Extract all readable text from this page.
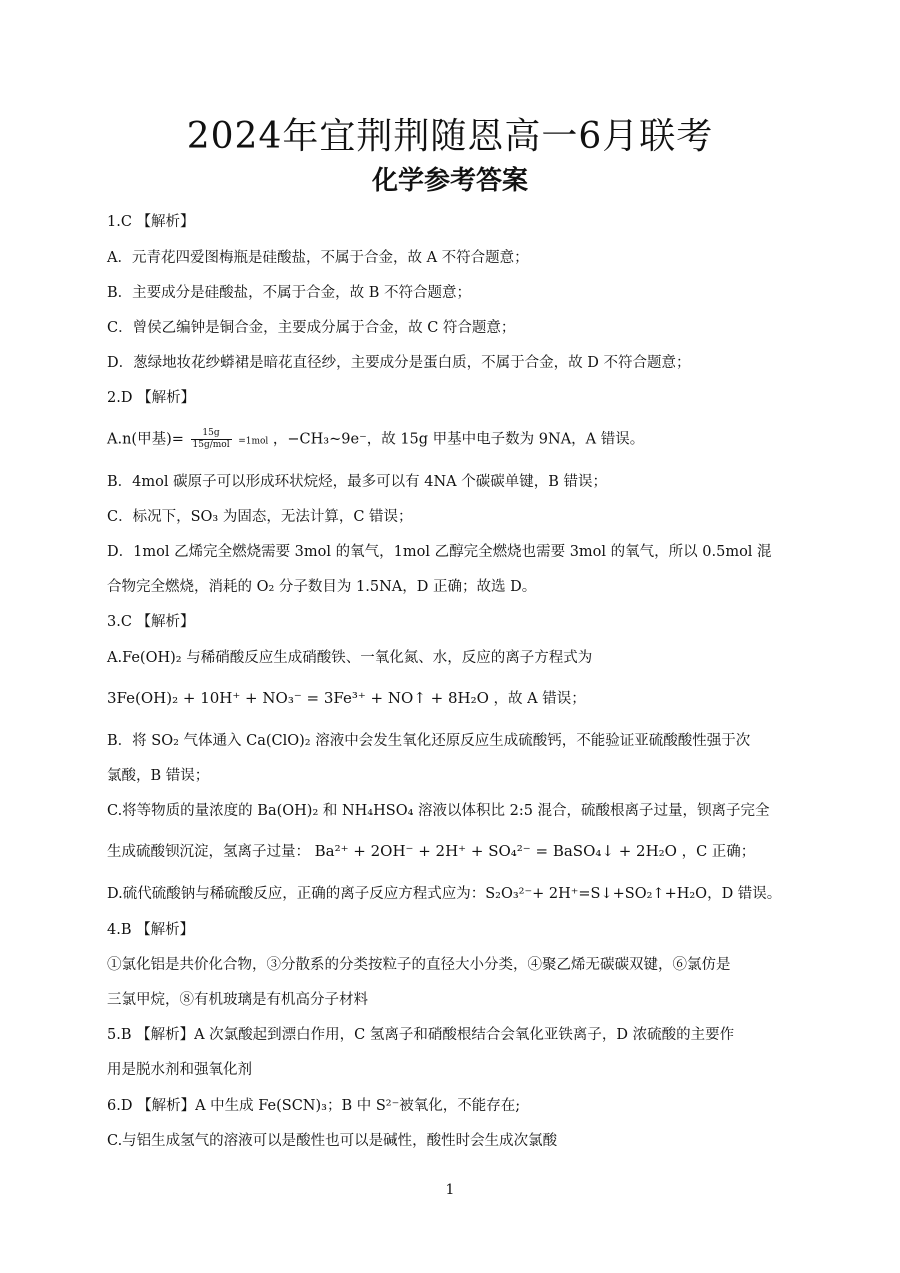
2024年宜荆荆随恩高一6月联考
化学参考答案
1.C 【解析】
A．元青花四爱图梅瓶是硅酸盐，不属于合金，故 A 不符合题意；
B．主要成分是硅酸盐，不属于合金，故 B 不符合题意；
C．曾侯乙编钟是铜合金，主要成分属于合金，故 C 符合题意；
D．葱绿地妆花纱蟒裙是暗花直径纱，主要成分是蛋白质，不属于合金，故 D 不符合题意；
2.D 【解析】
A.n(甲基)= $\frac{15g}{\text{15g/mol}} =1mol$ ，−CH₃~9e⁻，故 15g 甲基中电子数为 9NA，A 错误。
B．4mol 碳原子可以形成环状烷烃，最多可以有 4NA 个碳碳单键，B 错误；
C．标况下，SO₃ 为固态，无法计算，C 错误；
D．1mol 乙烯完全燃烧需要 3mol 的氧气，1mol 乙醇完全燃烧也需要 3mol 的氧气，所以 0.5mol 混
合物完全燃烧，消耗的 O₂ 分子数目为 1.5NA，D 正确；故选 D。
3.C 【解析】
A.Fe(OH)₂ 与稀硝酸反应生成硝酸铁、一氧化氮、水，反应的离子方程式为
3Fe(OH)₂ + 10H⁺ + NO₃⁻ = 3Fe³⁺ + NO↑ + 8H₂O ，故 A 错误；
B．将 SO₂ 气体通入 Ca(ClO)₂ 溶液中会发生氧化还原反应生成硫酸钙，不能验证亚硫酸酸性强于次
氯酸，B 错误；
C.将等物质的量浓度的 Ba(OH)₂ 和 NH₄HSO₄ 溶液以体积比 2:5 混合，硫酸根离子过量，钡离子完全
生成硫酸钡沉淀，氢离子过量： Ba²⁺ + 2OH⁻ + 2H⁺ + SO₄²⁻ = BaSO₄↓ + 2H₂O ，C 正确；
D.硫代硫酸钠与稀硫酸反应，正确的离子反应方程式应为：S₂O₃²⁻+ 2H⁺=S↓+SO₂↑+H₂O，D 错误。
4.B 【解析】
①氯化铝是共价化合物，③分散系的分类按粒子的直径大小分类，④聚乙烯无碳碳双键，⑥氯仿是
三氯甲烷，⑧有机玻璃是有机高分子材料
5.B 【解析】A 次氯酸起到漂白作用，C 氢离子和硝酸根结合会氧化亚铁离子，D 浓硫酸的主要作
用是脱水剂和强氧化剂
6.D 【解析】A 中生成 Fe(SCN)₃；B 中 S²⁻被氧化，不能存在;
C.与铝生成氢气的溶液可以是酸性也可以是碱性，酸性时会生成次氯酸
1
